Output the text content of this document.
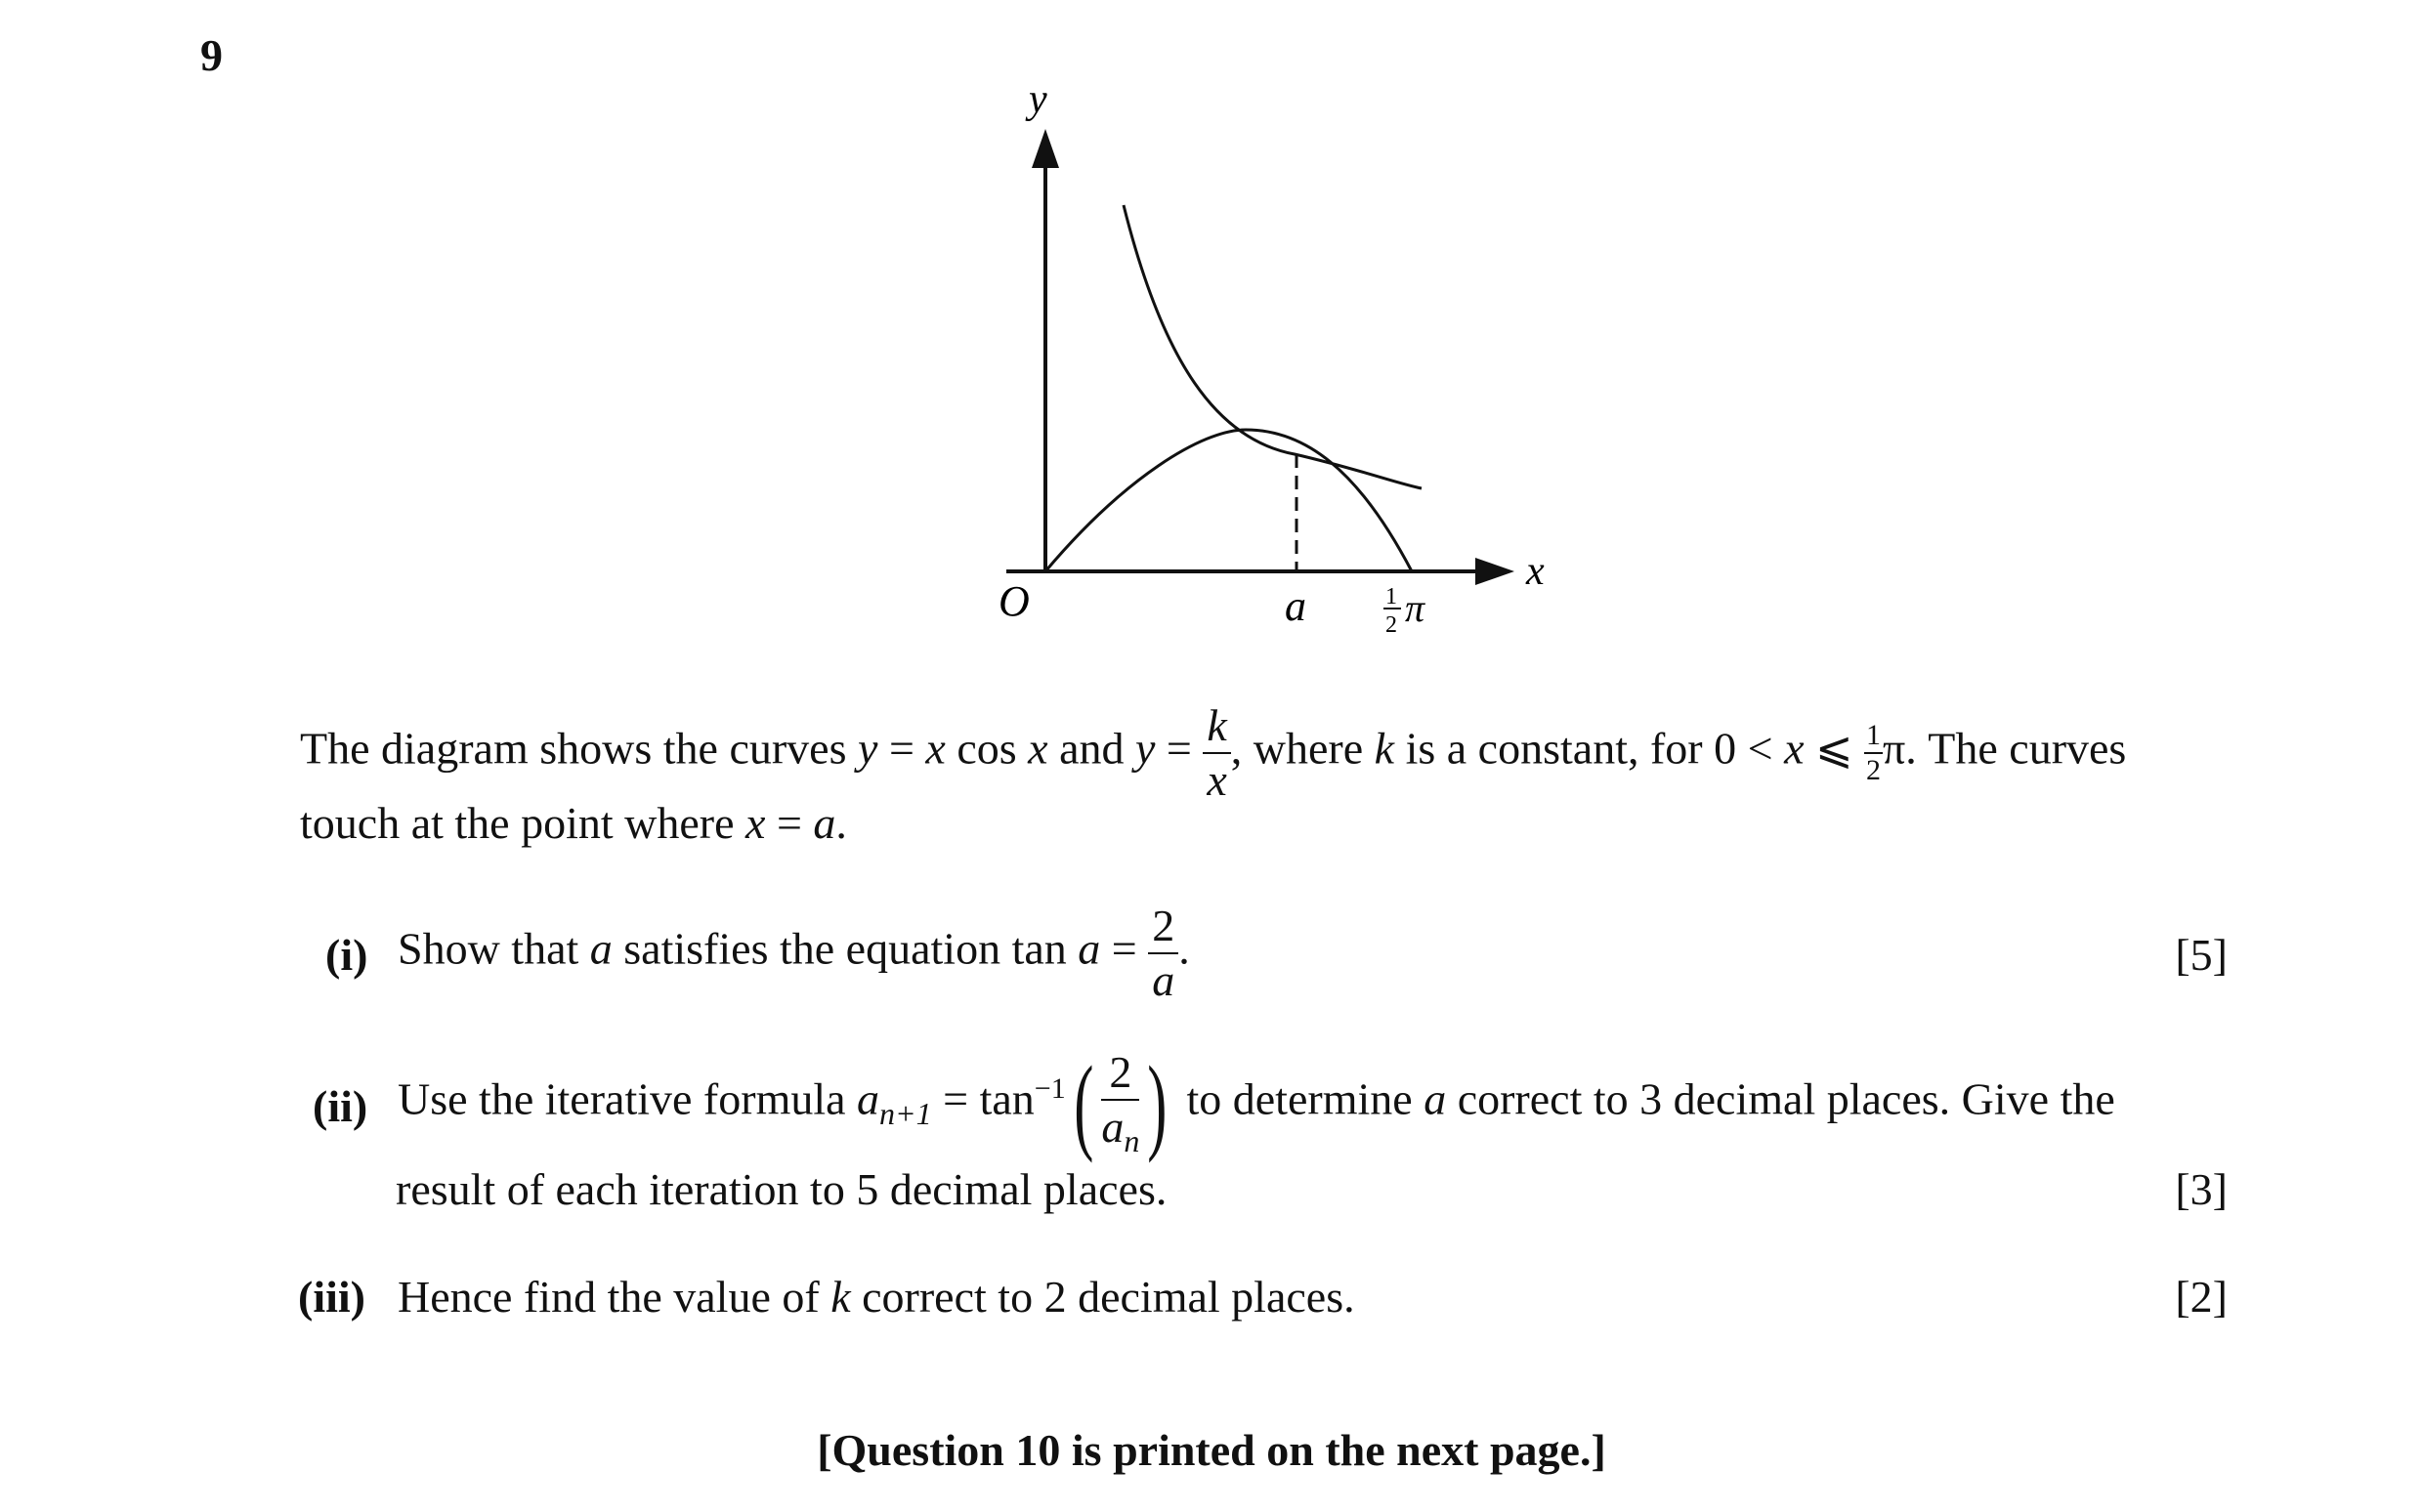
9
y
x
O	a	1
2 π
The diagram shows the curves y = x cos x and $y = \frac{k}{x}$ , where k is a constant, for 0 < x ⩽ $\frac{1}{2} \pi$. The curves
touch at the point where x = a.
(i) Show that a satisfies the equation $\tan a = \frac{2}{a}$ .	[5]
(ii) Use the iterative formula $a_{n+1} = \tan^{-1}( \frac{2}{a_n}$ ) to determine a correct to 3 decimal places. Give the
result of each iteration to 5 decimal places.	[3]
(iii) Hence find the value of k correct to 2 decimal places.	[2]
[Question 10 is printed on the next page.]
